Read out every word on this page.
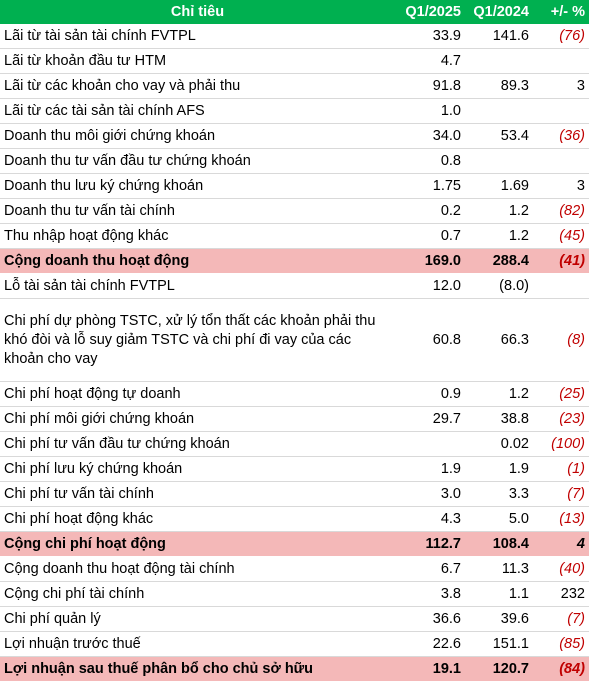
Chỉ tiêu	Q1/2025	Q1/2024	+/- %
Lãi từ tài sản tài chính FVTPL	33.9	141.6	(76)
Lãi từ khoản đầu tư HTM	4.7		
Lãi từ các khoản cho vay và phải thu	91.8	89.3	3
Lãi từ các tài sản tài chính AFS	1.0		
Doanh thu môi giới chứng khoán	34.0	53.4	(36)
Doanh thu tư vấn đầu tư chứng khoán	0.8		
Doanh thu lưu ký chứng khoán	1.75	1.69	3
Doanh thu tư vấn tài chính	0.2	1.2	(82)
Thu nhập hoạt động khác	0.7	1.2	(45)
Cộng doanh thu hoạt động	169.0	288.4	(41)
Lỗ tài sản tài chính FVTPL	12.0	(8.0)	
Chi phí dự phòng TSTC, xử lý tổn thất các khoản phải thu khó đòi và lỗ suy giảm TSTC và chi phí đi vay của các khoản cho vay	60.8	66.3	(8)
Chi phí hoạt động tự doanh	0.9	1.2	(25)
Chi phí môi giới chứng khoán	29.7	38.8	(23)
Chi phí tư vấn đầu tư chứng khoán		0.02	(100)
Chi phí lưu ký chứng khoán	1.9	1.9	(1)
Chi phí tư vấn tài chính	3.0	3.3	(7)
Chi phí hoạt động khác	4.3	5.0	(13)
Cộng chi phí hoạt động	112.7	108.4	4
Cộng doanh thu hoạt động tài chính	6.7	11.3	(40)
Cộng chi phí tài chính	3.8	1.1	232
Chi phí quản lý	36.6	39.6	(7)
Lợi nhuận trước thuế	22.6	151.1	(85)
Lợi nhuận sau thuế phân bổ cho chủ sở hữu	19.1	120.7	(84)
